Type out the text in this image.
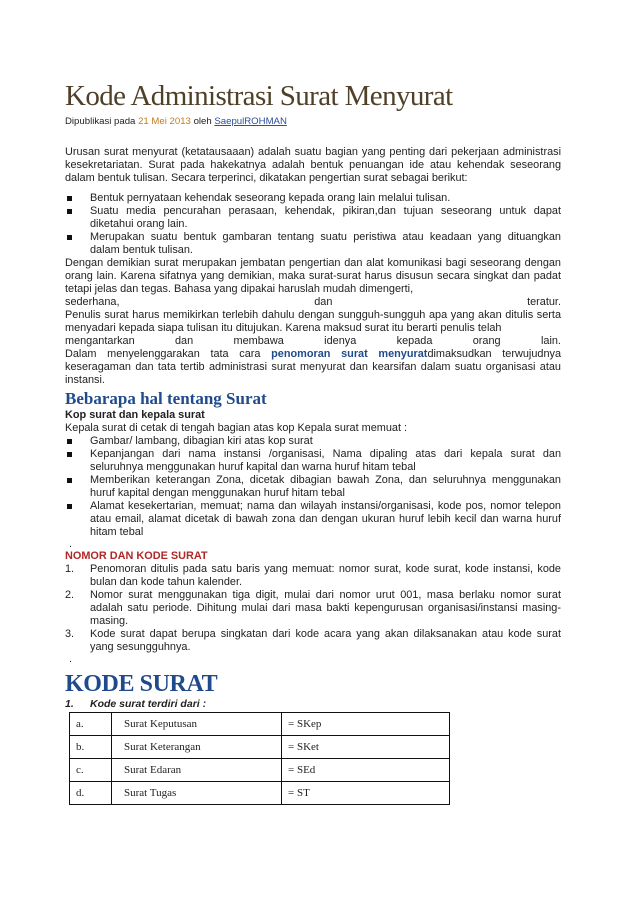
Kode Administrasi Surat Menyurat
Dipublikasi pada 21 Mei 2013 oleh SaepulROHMAN

Urusan surat menyurat (ketatausaaan) adalah suatu bagian yang penting dari pekerjaan administrasi kesekretariatan. Surat pada hakekatnya adalah bentuk penuangan ide atau kehendak seseorang dalam bentuk tulisan. Secara terperinci, dikatakan pengertian surat sebagai berikut:

Bentuk pernyataan kehendak seseorang kepada orang lain melalui tulisan.
Suatu media pencurahan perasaan, kehendak, pikiran,dan tujuan seseorang untuk dapat diketahui orang lain.
Merupakan suatu bentuk gambaran tentang suatu peristiwa atau keadaan yang dituangkan dalam bentuk tulisan.

Dengan demikian surat merupakan jembatan pengertian dan alat komunikasi bagi seseorang dengan orang lain. Karena sifatnya yang demikian, maka surat-surat harus disusun secara singkat dan padat tetapi jelas dan tegas. Bahasa yang dipakai haruslah mudah dimengerti,

sederhana,	dan	teratur.

Penulis surat harus memikirkan terlebih dahulu dengan sungguh-sungguh apa yang akan ditulis serta menyadari kepada siapa tulisan itu ditujukan. Karena maksud surat itu berarti penulis telah

mengantarkan	dan	membawa	idenya	kepada	orang	lain.

Dalam menyelenggarakan tata cara penomoran surat menyuratdimaksudkan terwujudnya keseragaman dan tata tertib administrasi surat menyurat dan kearsifan dalam suatu organisasi atau instansi.

Bebarapa hal tentang Surat

Kop surat dan kepala surat

Kepala surat di cetak di tengah bagian atas kop Kepala surat memuat :

Gambar/ lambang, dibagian kiri atas kop surat
Kepanjangan dari nama instansi /organisasi, Nama dipaling atas dari kepala surat dan seluruhnya menggunakan huruf kapital dan warna huruf hitam tebal
Memberikan keterangan Zona, dicetak dibagian bawah Zona, dan seluruhnya menggunakan huruf kapital dengan menggunakan huruf hitam tebal
Alamat kesekertarian, memuat; nama dan wilayah instansi/organisasi, kode pos, nomor telepon atau email, alamat dicetak di bawah zona dan dengan ukuran huruf lebih kecil dan warna huruf hitam tebal

.

NOMOR DAN KODE SURAT

1. Penomoran ditulis pada satu baris yang memuat: nomor surat, kode surat, kode instansi, kode bulan dan kode tahun kalender.
2. Nomor surat menggunakan tiga digit, mulai dari nomor urut 001, masa berlaku nomor surat adalah satu periode. Dihitung mulai dari masa bakti kepengurusan organisasi/instansi masing-masing.
3. Kode surat dapat berupa singkatan dari kode acara yang akan dilaksanakan atau kode surat yang sesungguhnya.

.

KODE SURAT
1.	Kode surat terdiri dari :
a.	Surat Keputusan	= SKep
b.	Surat Keterangan	= SKet
c.	Surat Edaran	= SEd
d.	Surat Tugas	= ST
